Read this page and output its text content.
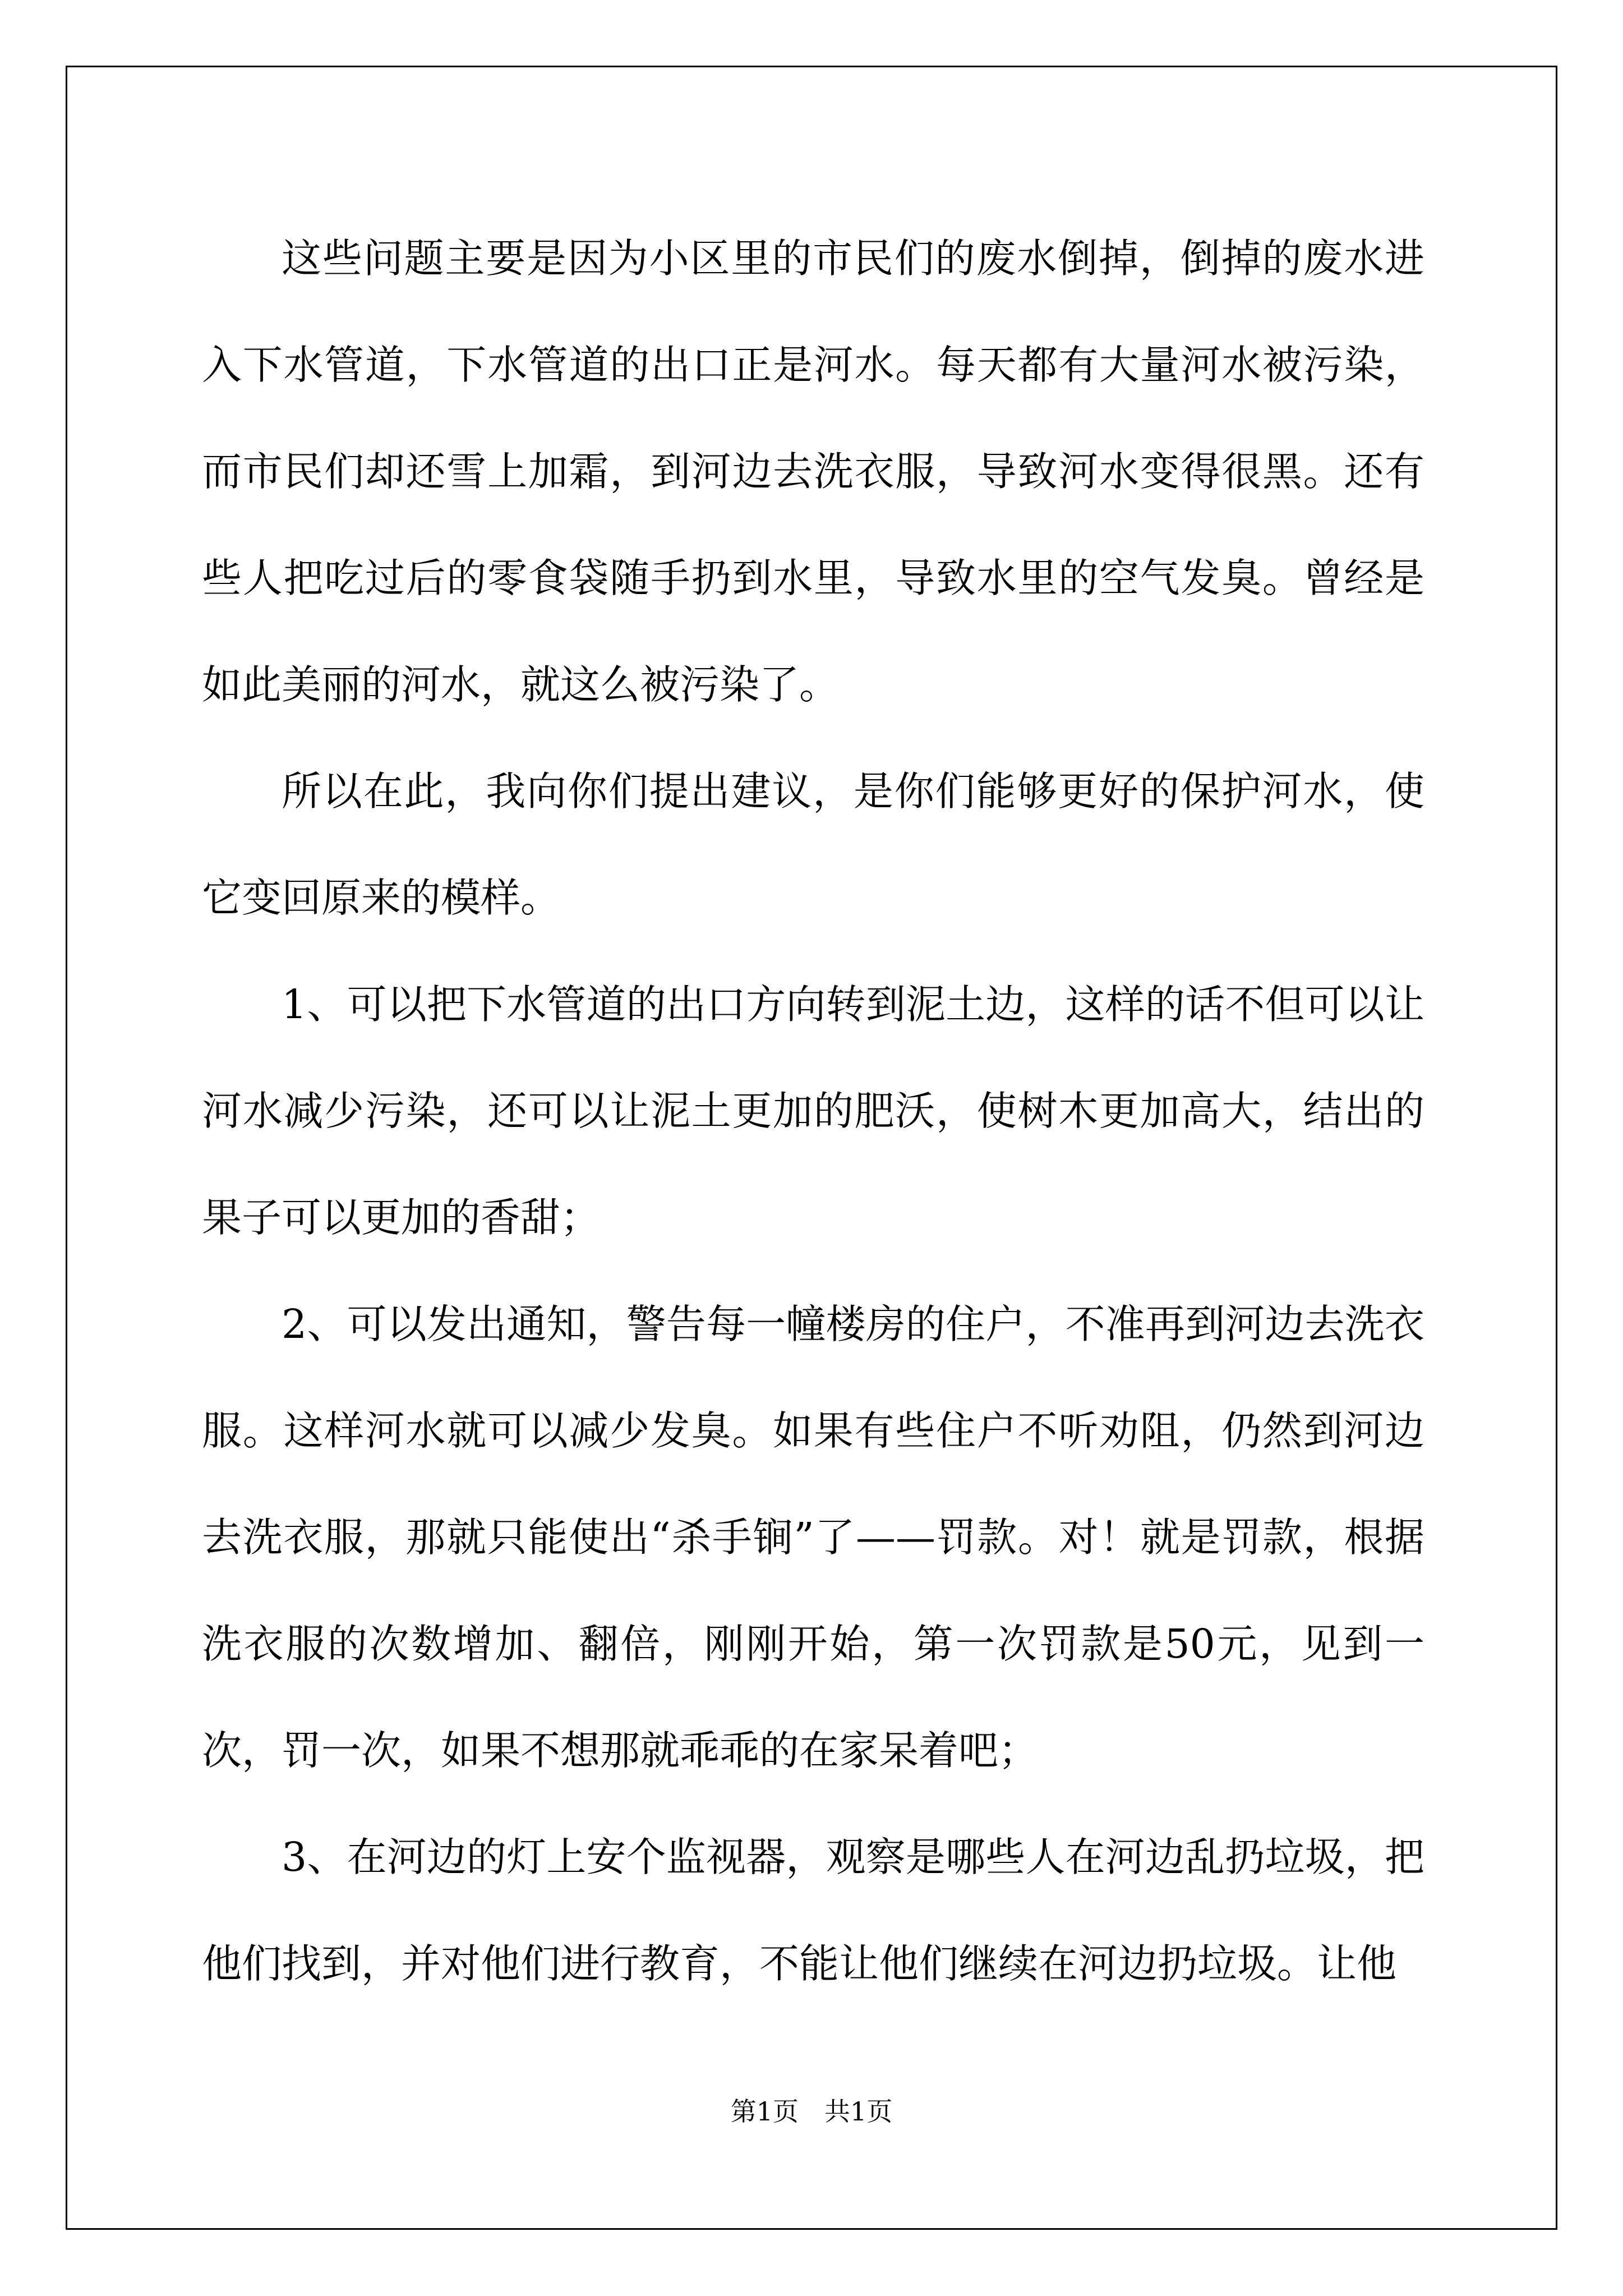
这些问题主要是因为小区里的市民们的废水倒掉，倒掉的废水进入下水管道，下水管道的出口正是河水。每天都有大量河水被污染，而市民们却还雪上加霜，到河边去洗衣服，导致河水变得很黑。还有些人把吃过后的零食袋随手扔到水里，导致水里的空气发臭。曾经是如此美丽的河水，就这么被污染了。

所以在此，我向你们提出建议，是你们能够更好的保护河水，使它变回原来的模样。

1、可以把下水管道的出口方向转到泥土边，这样的话不但可以让河水减少污染，还可以让泥土更加的肥沃，使树木更加高大，结出的果子可以更加的香甜；

2、可以发出通知，警告每一幢楼房的住户，不准再到河边去洗衣服。这样河水就可以减少发臭。如果有些住户不听劝阻，仍然到河边去洗衣服，那就只能使出“杀手锏”了——罚款。对！就是罚款，根据洗衣服的次数增加、翻倍，刚刚开始，第一次罚款是50元，见到一次，罚一次，如果不想那就乖乖的在家呆着吧；

3、在河边的灯上安个监视器，观察是哪些人在河边乱扔垃圾，把他们找到，并对他们进行教育，不能让他们继续在河边扔垃圾。让他

第1页 共1页
